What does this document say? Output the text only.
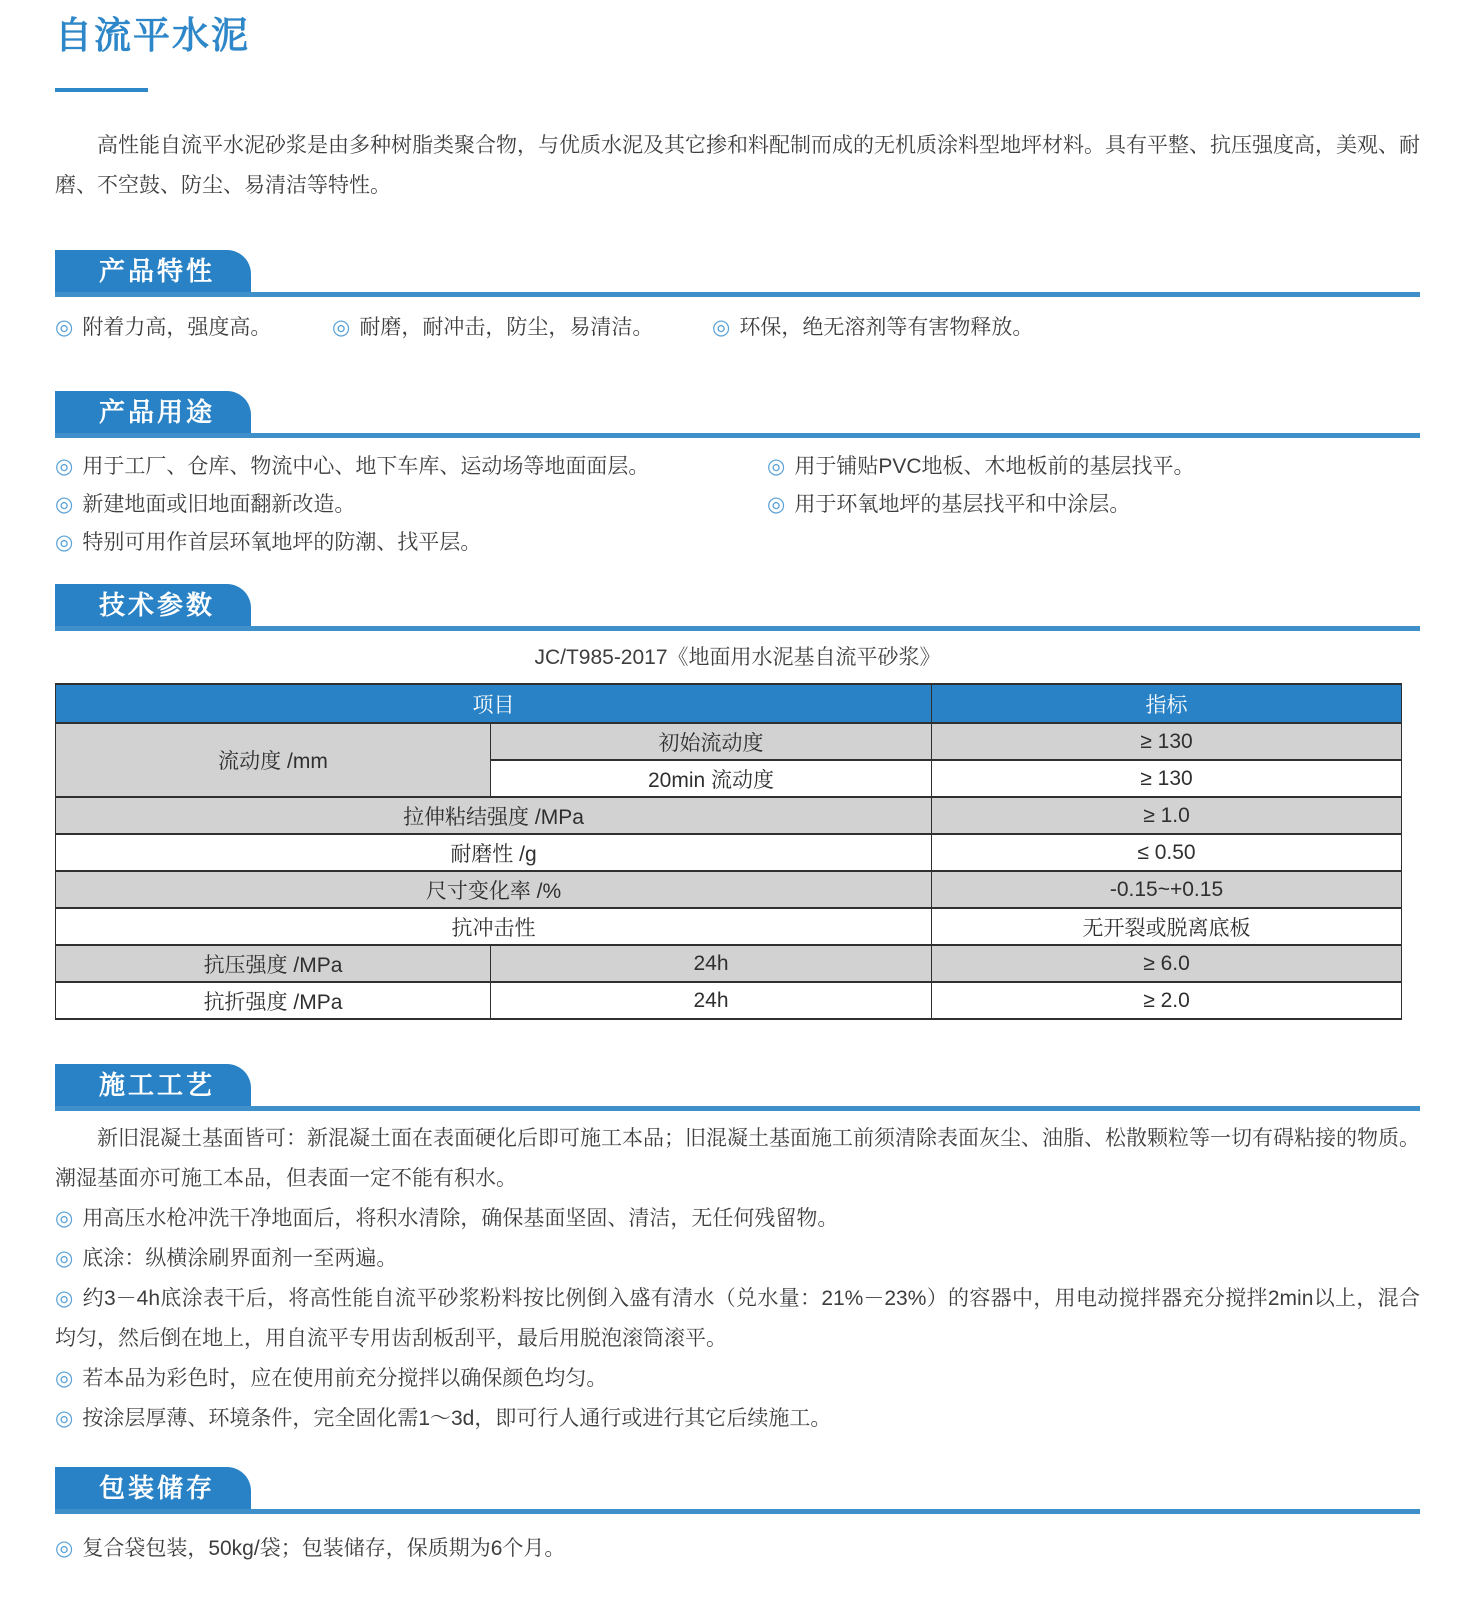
自流平水泥
高性能自流平水泥砂浆是由多种树脂类聚合物，与优质水泥及其它掺和料配制而成的无机质涂料型地坪材料。具有平整、抗压强度高，美观、耐磨、不空鼓、防尘、易清洁等特性。
产品特性
◎ 附着力高，强度高。	◎ 耐磨，耐冲击，防尘，易清洁。	◎ 环保，绝无溶剂等有害物释放。
产品用途
◎ 用于工厂、仓库、物流中心、地下车库、运动场等地面面层。
◎ 新建地面或旧地面翻新改造。
◎ 特别可用作首层环氧地坪的防潮、找平层。
◎ 用于铺贴PVC地板、木地板前的基层找平。
◎ 用于环氧地坪的基层找平和中涂层。
技术参数
JC/T985-2017《地面用水泥基自流平砂浆》
项目		指标
流动度 /mm	初始流动度	≥ 130
	20min 流动度	≥ 130
拉伸粘结强度 /MPa		≥ 1.0
耐磨性 /g		≤ 0.50
尺寸变化率 /%		-0.15~+0.15
抗冲击性		无开裂或脱离底板
抗压强度 /MPa	24h	≥ 6.0
抗折强度 /MPa	24h	≥ 2.0
施工工艺
新旧混凝土基面皆可：新混凝土面在表面硬化后即可施工本品；旧混凝土基面施工前须清除表面灰尘、油脂、松散颗粒等一切有碍粘接的物质。潮湿基面亦可施工本品，但表面一定不能有积水。
◎ 用高压水枪冲洗干净地面后，将积水清除，确保基面坚固、清洁，无任何残留物。
◎ 底涂：纵横涂刷界面剂一至两遍。
◎ 约3－4h底涂表干后，将高性能自流平砂浆粉料按比例倒入盛有清水（兑水量：21%－23%）的容器中，用电动搅拌器充分搅拌2min以上，混合均匀，然后倒在地上，用自流平专用齿刮板刮平，最后用脱泡滚筒滚平。
◎ 若本品为彩色时，应在使用前充分搅拌以确保颜色均匀。
◎ 按涂层厚薄、环境条件，完全固化需1～3d，即可行人通行或进行其它后续施工。
包装储存
◎ 复合袋包装，50kg/袋；包装储存，保质期为6个月。
